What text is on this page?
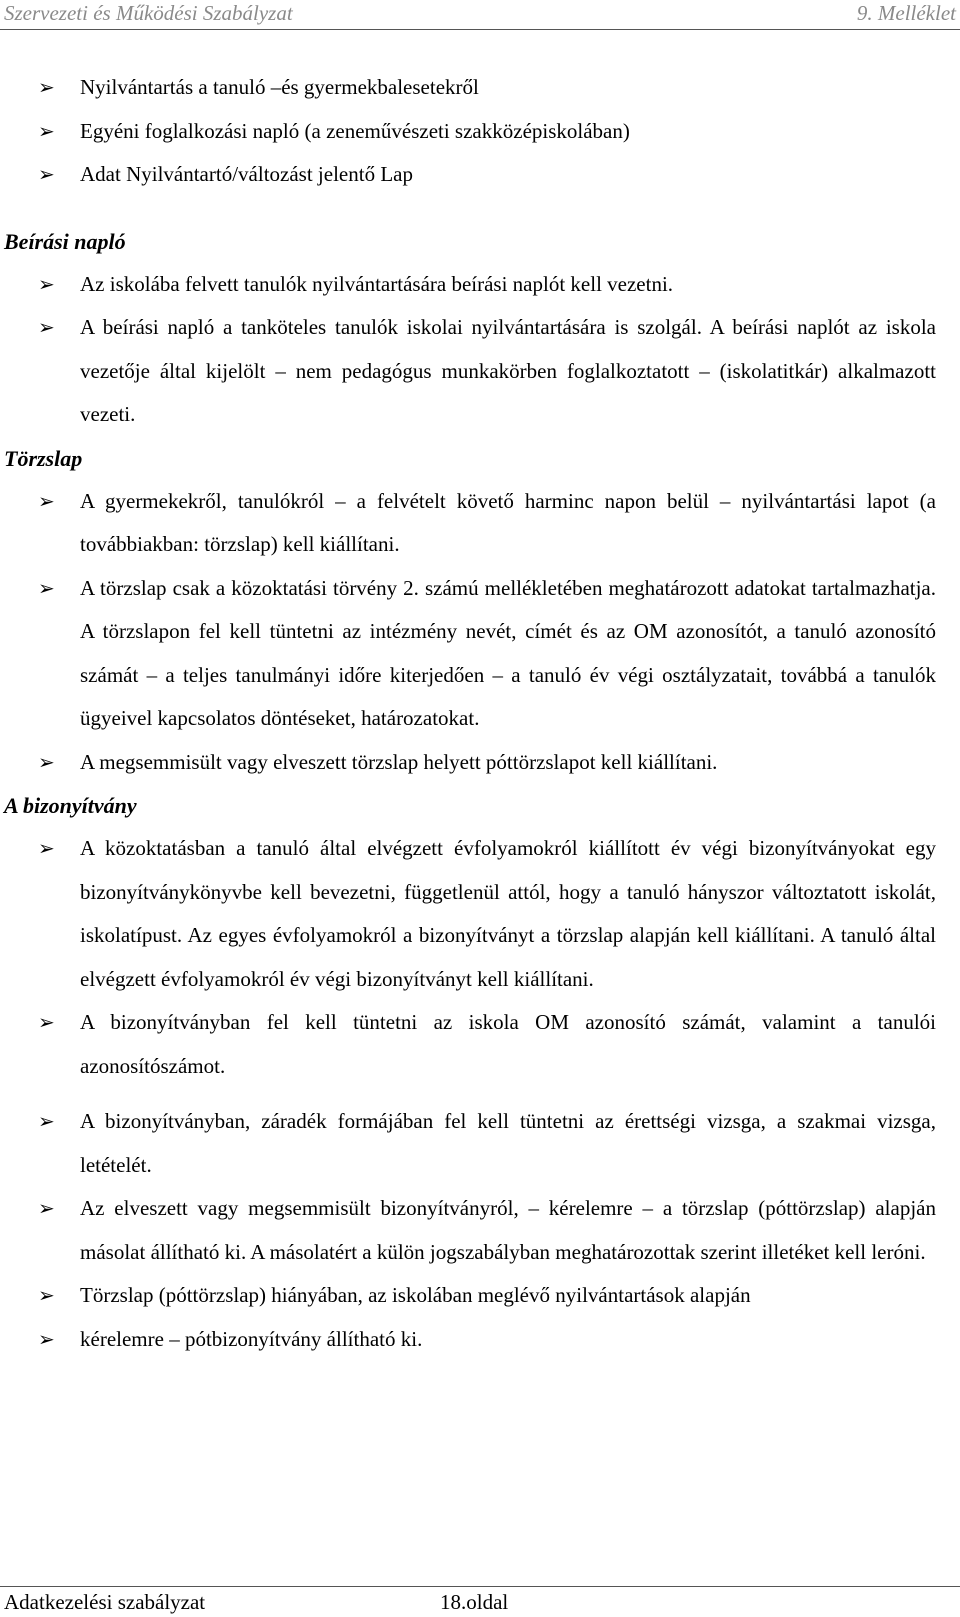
Szervezeti és Működési Szabályzat	9. Melléklet

➢ Nyilvántartás a tanuló –és gyermekbalesetekről

➢ Egyéni foglalkozási napló (a zeneművészeti szakközépiskolában)

➢ Adat Nyilvántartó/változást jelentő Lap

Beírási napló

➢ Az iskolába felvett tanulók nyilvántartására beírási naplót kell vezetni.

➢ A beírási napló a tanköteles tanulók iskolai nyilvántartására is szolgál. A beírási naplót az iskola vezetője által kijelölt – nem pedagógus munkakörben foglalkoztatott – (iskolatitkár) alkalmazott vezeti.

Törzslap

➢ A gyermekekről, tanulókról – a felvételt követő harminc napon belül – nyilvántartási lapot (a továbbiakban: törzslap) kell kiállítani.

➢ A törzslap csak a közoktatási törvény 2. számú mellékletében meghatározott adatokat tartalmazhatja. A törzslapon fel kell tüntetni az intézmény nevét, címét és az OM azonosítót, a tanuló azonosító számát – a teljes tanulmányi időre kiterjedően – a tanuló év végi osztályzatait, továbbá a tanulók ügyeivel kapcsolatos döntéseket, határozatokat.

➢ A megsemmisült vagy elveszett törzslap helyett póttörzslapot kell kiállítani.

A bizonyítvány

➢ A közoktatásban a tanuló által elvégzett évfolyamokról kiállított év végi bizonyítványokat egy bizonyítványkönyvbe kell bevezetni, függetlenül attól, hogy a tanuló hányszor változtatott iskolát, iskolatípust. Az egyes évfolyamokról a bizonyítványt a törzslap alapján kell kiállítani. A tanuló által elvégzett évfolyamokról év végi bizonyítványt kell kiállítani.

➢ A bizonyítványban fel kell tüntetni az iskola OM azonosító számát, valamint a tanulói azonosítószámot.

➢ A bizonyítványban, záradék formájában fel kell tüntetni az érettségi vizsga, a szakmai vizsga, letételét.

➢ Az elveszett vagy megsemmisült bizonyítványról, – kérelemre – a törzslap (póttörzslap) alapján másolat állítható ki. A másolatért a külön jogszabályban meghatározottak szerint illetéket kell leróni.

➢ Törzslap (póttörzslap) hiányában, az iskolában meglévő nyilvántartások alapján

➢ kérelemre – pótbizonyítvány állítható ki.

Adatkezelési szabályzat	18.oldal
